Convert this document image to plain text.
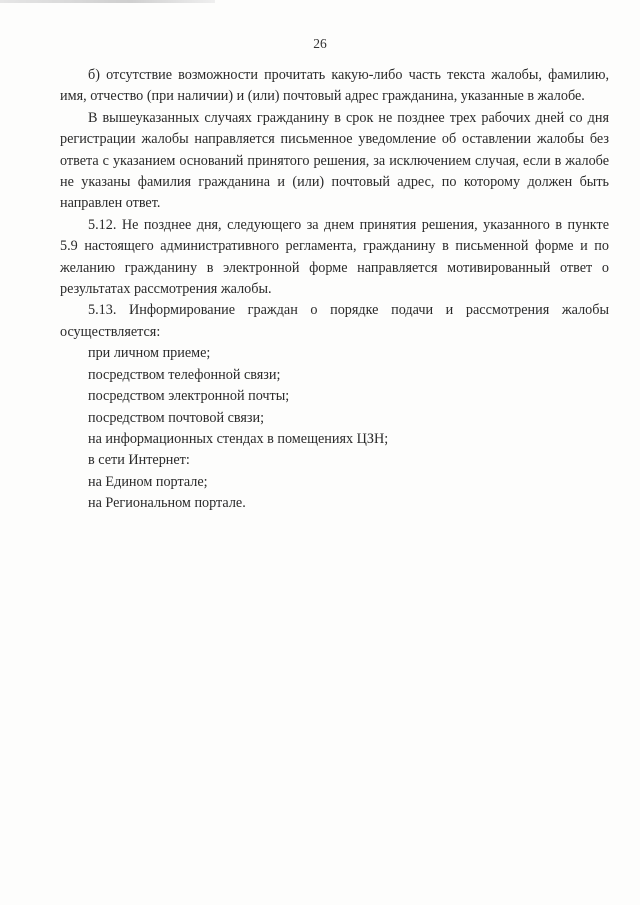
26

б) отсутствие возможности прочитать какую-либо часть текста жалобы, фамилию, имя, отчество (при наличии) и (или) почтовый адрес гражданина, указанные в жалобе.

В вышеуказанных случаях гражданину в срок не позднее трех рабочих дней со дня регистрации жалобы направляется письменное уведомление об оставлении жалобы без ответа с указанием оснований принятого решения, за исключением случая, если в жалобе не указаны фамилия гражданина и (или) почтовый адрес, по которому должен быть направлен ответ.

5.12. Не позднее дня, следующего за днем принятия решения, указанного в пункте 5.9 настоящего административного регламента, гражданину в письменной форме и по желанию гражданину в электронной форме направляется мотивированный ответ о результатах рассмотрения жалобы.

5.13. Информирование граждан о порядке подачи и рассмотрения жалобы осуществляется:

при личном приеме;
посредством телефонной связи;
посредством электронной почты;
посредством почтовой связи;
на информационных стендах в помещениях ЦЗН;
в сети Интернет:
на Едином портале;
на Региональном портале.
